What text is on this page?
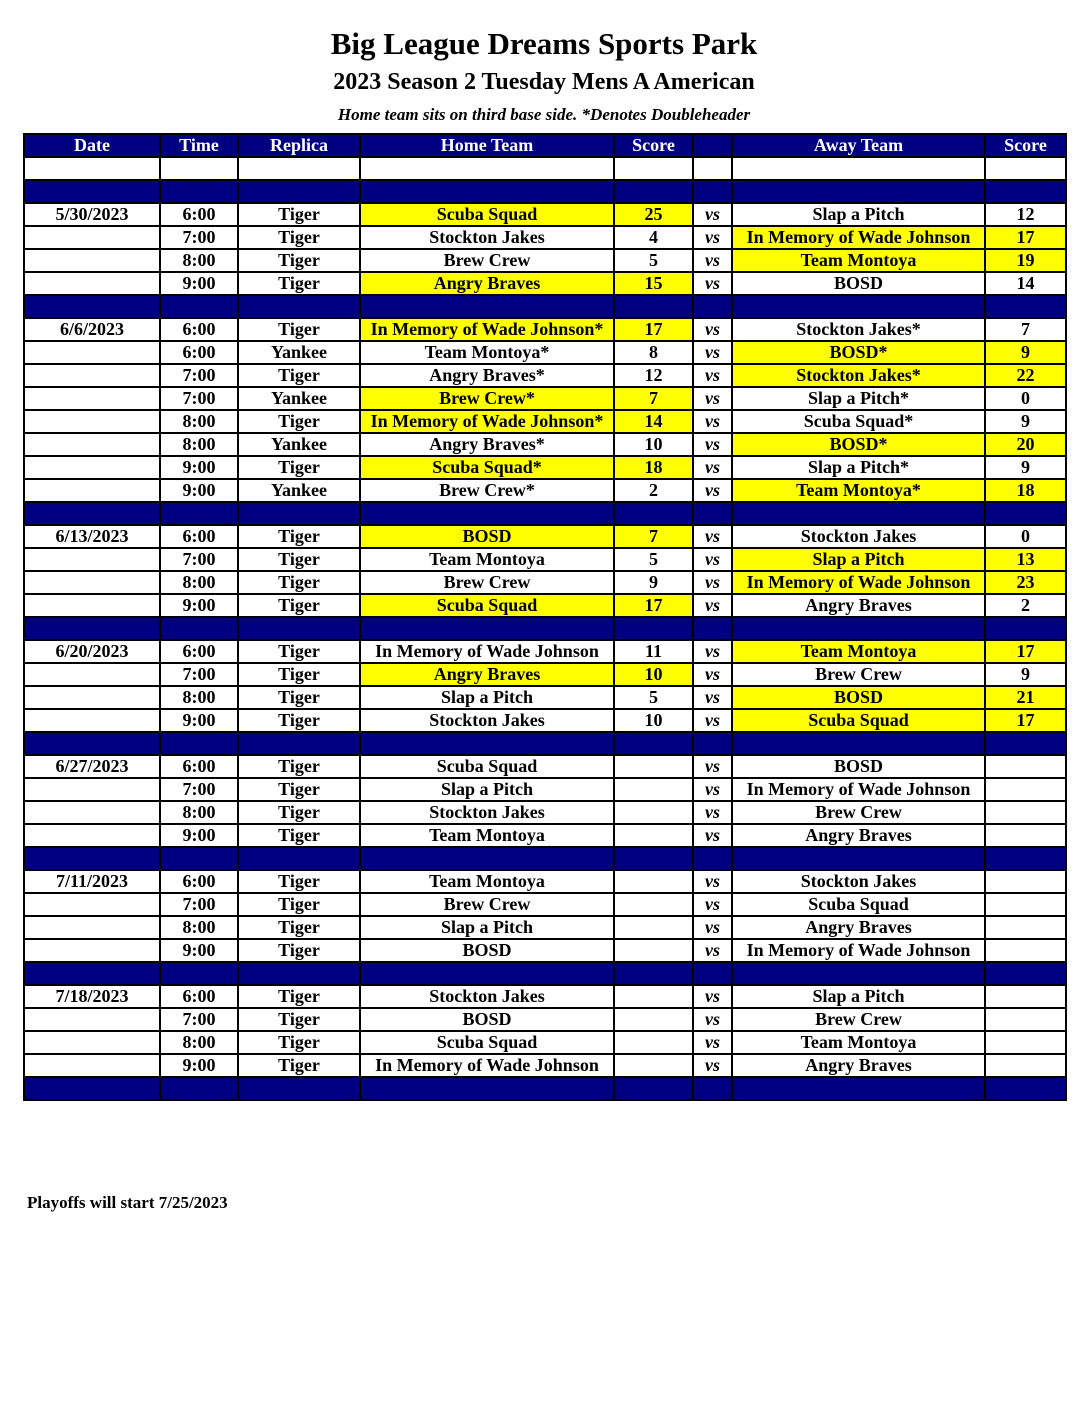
Big League Dreams Sports Park
2023 Season 2 Tuesday Mens A American
Home team sits on third base side. *Denotes Doubleheader
Date	Time	Replica	Home Team	Score		Away Team	Score

5/30/2023	6:00	Tiger	Scuba Squad	25	vs	Slap a Pitch	12
	7:00	Tiger	Stockton Jakes	4	vs	In Memory of Wade Johnson	17
	8:00	Tiger	Brew Crew	5	vs	Team Montoya	19
	9:00	Tiger	Angry Braves	15	vs	BOSD	14

6/6/2023	6:00	Tiger	In Memory of Wade Johnson*	17	vs	Stockton Jakes*	7
	6:00	Yankee	Team Montoya*	8	vs	BOSD*	9
	7:00	Tiger	Angry Braves*	12	vs	Stockton Jakes*	22
	7:00	Yankee	Brew Crew*	7	vs	Slap a Pitch*	0
	8:00	Tiger	In Memory of Wade Johnson*	14	vs	Scuba Squad*	9
	8:00	Yankee	Angry Braves*	10	vs	BOSD*	20
	9:00	Tiger	Scuba Squad*	18	vs	Slap a Pitch*	9
	9:00	Yankee	Brew Crew*	2	vs	Team Montoya*	18

6/13/2023	6:00	Tiger	BOSD	7	vs	Stockton Jakes	0
	7:00	Tiger	Team Montoya	5	vs	Slap a Pitch	13
	8:00	Tiger	Brew Crew	9	vs	In Memory of Wade Johnson	23
	9:00	Tiger	Scuba Squad	17	vs	Angry Braves	2

6/20/2023	6:00	Tiger	In Memory of Wade Johnson	11	vs	Team Montoya	17
	7:00	Tiger	Angry Braves	10	vs	Brew Crew	9
	8:00	Tiger	Slap a Pitch	5	vs	BOSD	21
	9:00	Tiger	Stockton Jakes	10	vs	Scuba Squad	17

6/27/2023	6:00	Tiger	Scuba Squad		vs	BOSD	
	7:00	Tiger	Slap a Pitch		vs	In Memory of Wade Johnson	
	8:00	Tiger	Stockton Jakes		vs	Brew Crew	
	9:00	Tiger	Team Montoya		vs	Angry Braves	

7/11/2023	6:00	Tiger	Team Montoya		vs	Stockton Jakes	
	7:00	Tiger	Brew Crew		vs	Scuba Squad	
	8:00	Tiger	Slap a Pitch		vs	Angry Braves	
	9:00	Tiger	BOSD		vs	In Memory of Wade Johnson	

7/18/2023	6:00	Tiger	Stockton Jakes		vs	Slap a Pitch	
	7:00	Tiger	BOSD		vs	Brew Crew	
	8:00	Tiger	Scuba Squad		vs	Team Montoya	
	9:00	Tiger	In Memory of Wade Johnson		vs	Angry Braves	

Playoffs will start 7/25/2023
